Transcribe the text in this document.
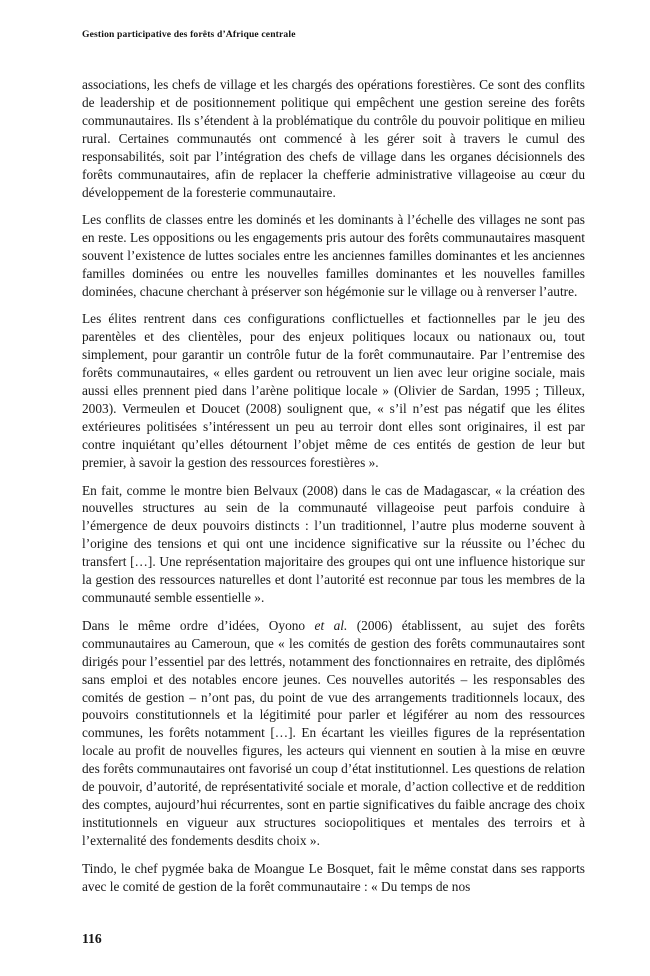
Gestion participative des forêts d’Afrique centrale

associations, les chefs de village et les chargés des opérations forestières. Ce sont des conflits de leadership et de positionnement politique qui empêchent une gestion sereine des forêts communautaires. Ils s’étendent à la problématique du contrôle du pouvoir politique en milieu rural. Certaines communautés ont commencé à les gérer soit à travers le cumul des responsabilités, soit par l’intégration des chefs de village dans les organes décisionnels des forêts communautaires, afin de replacer la chefferie administrative villageoise au cœur du développement de la foresterie communautaire.

Les conflits de classes entre les dominés et les dominants à l’échelle des villages ne sont pas en reste. Les oppositions ou les engagements pris autour des forêts communautaires masquent souvent l’existence de luttes sociales entre les anciennes familles dominantes et les anciennes familles dominées ou entre les nouvelles familles dominantes et les nouvelles familles dominées, chacune cherchant à préserver son hégémonie sur le village ou à renverser l’autre.

Les élites rentrent dans ces configurations conflictuelles et factionnelles par le jeu des parentèles et des clientèles, pour des enjeux politiques locaux ou nationaux ou, tout simplement, pour garantir un contrôle futur de la forêt communautaire. Par l’entremise des forêts communautaires, « elles gardent ou retrouvent un lien avec leur origine sociale, mais aussi elles prennent pied dans l’arène politique locale » (Olivier de Sardan, 1995 ; Tilleux, 2003). Vermeulen et Doucet (2008) soulignent que, « s’il n’est pas négatif que les élites extérieures politisées s’intéressent un peu au terroir dont elles sont originaires, il est par contre inquiétant qu’elles détournent l’objet même de ces entités de gestion de leur but premier, à savoir la gestion des ressources forestières ».

En fait, comme le montre bien Belvaux (2008) dans le cas de Madagascar, « la création des nouvelles structures au sein de la communauté villageoise peut parfois conduire à l’émergence de deux pouvoirs distincts : l’un traditionnel, l’autre plus moderne souvent à l’origine des tensions et qui ont une incidence significative sur la réussite ou l’échec du transfert […]. Une représentation majoritaire des groupes qui ont une influence historique sur la gestion des ressources naturelles et dont l’autorité est reconnue par tous les membres de la communauté semble essentielle ».

Dans le même ordre d’idées, Oyono et al. (2006) établissent, au sujet des forêts communautaires au Cameroun, que « les comités de gestion des forêts communautaires sont dirigés pour l’essentiel par des lettrés, notamment des fonctionnaires en retraite, des diplômés sans emploi et des notables encore jeunes. Ces nouvelles autorités – les responsables des comités de gestion – n’ont pas, du point de vue des arrangements traditionnels locaux, des pouvoirs constitutionnels et la légitimité pour parler et légiférer au nom des ressources communes, les forêts notamment […]. En écartant les vieilles figures de la représentation locale au profit de nouvelles figures, les acteurs qui viennent en soutien à la mise en œuvre des forêts communautaires ont favorisé un coup d’état institutionnel. Les questions de relation de pouvoir, d’autorité, de représentativité sociale et morale, d’action collective et de reddition des comptes, aujourd’hui récurrentes, sont en partie significatives du faible ancrage des choix institutionnels en vigueur aux structures sociopolitiques et mentales des terroirs et à l’externalité des fondements desdits choix ».

Tindo, le chef pygmée baka de Moangue Le Bosquet, fait le même constat dans ses rapports avec le comité de gestion de la forêt communautaire : « Du temps de nos

116
